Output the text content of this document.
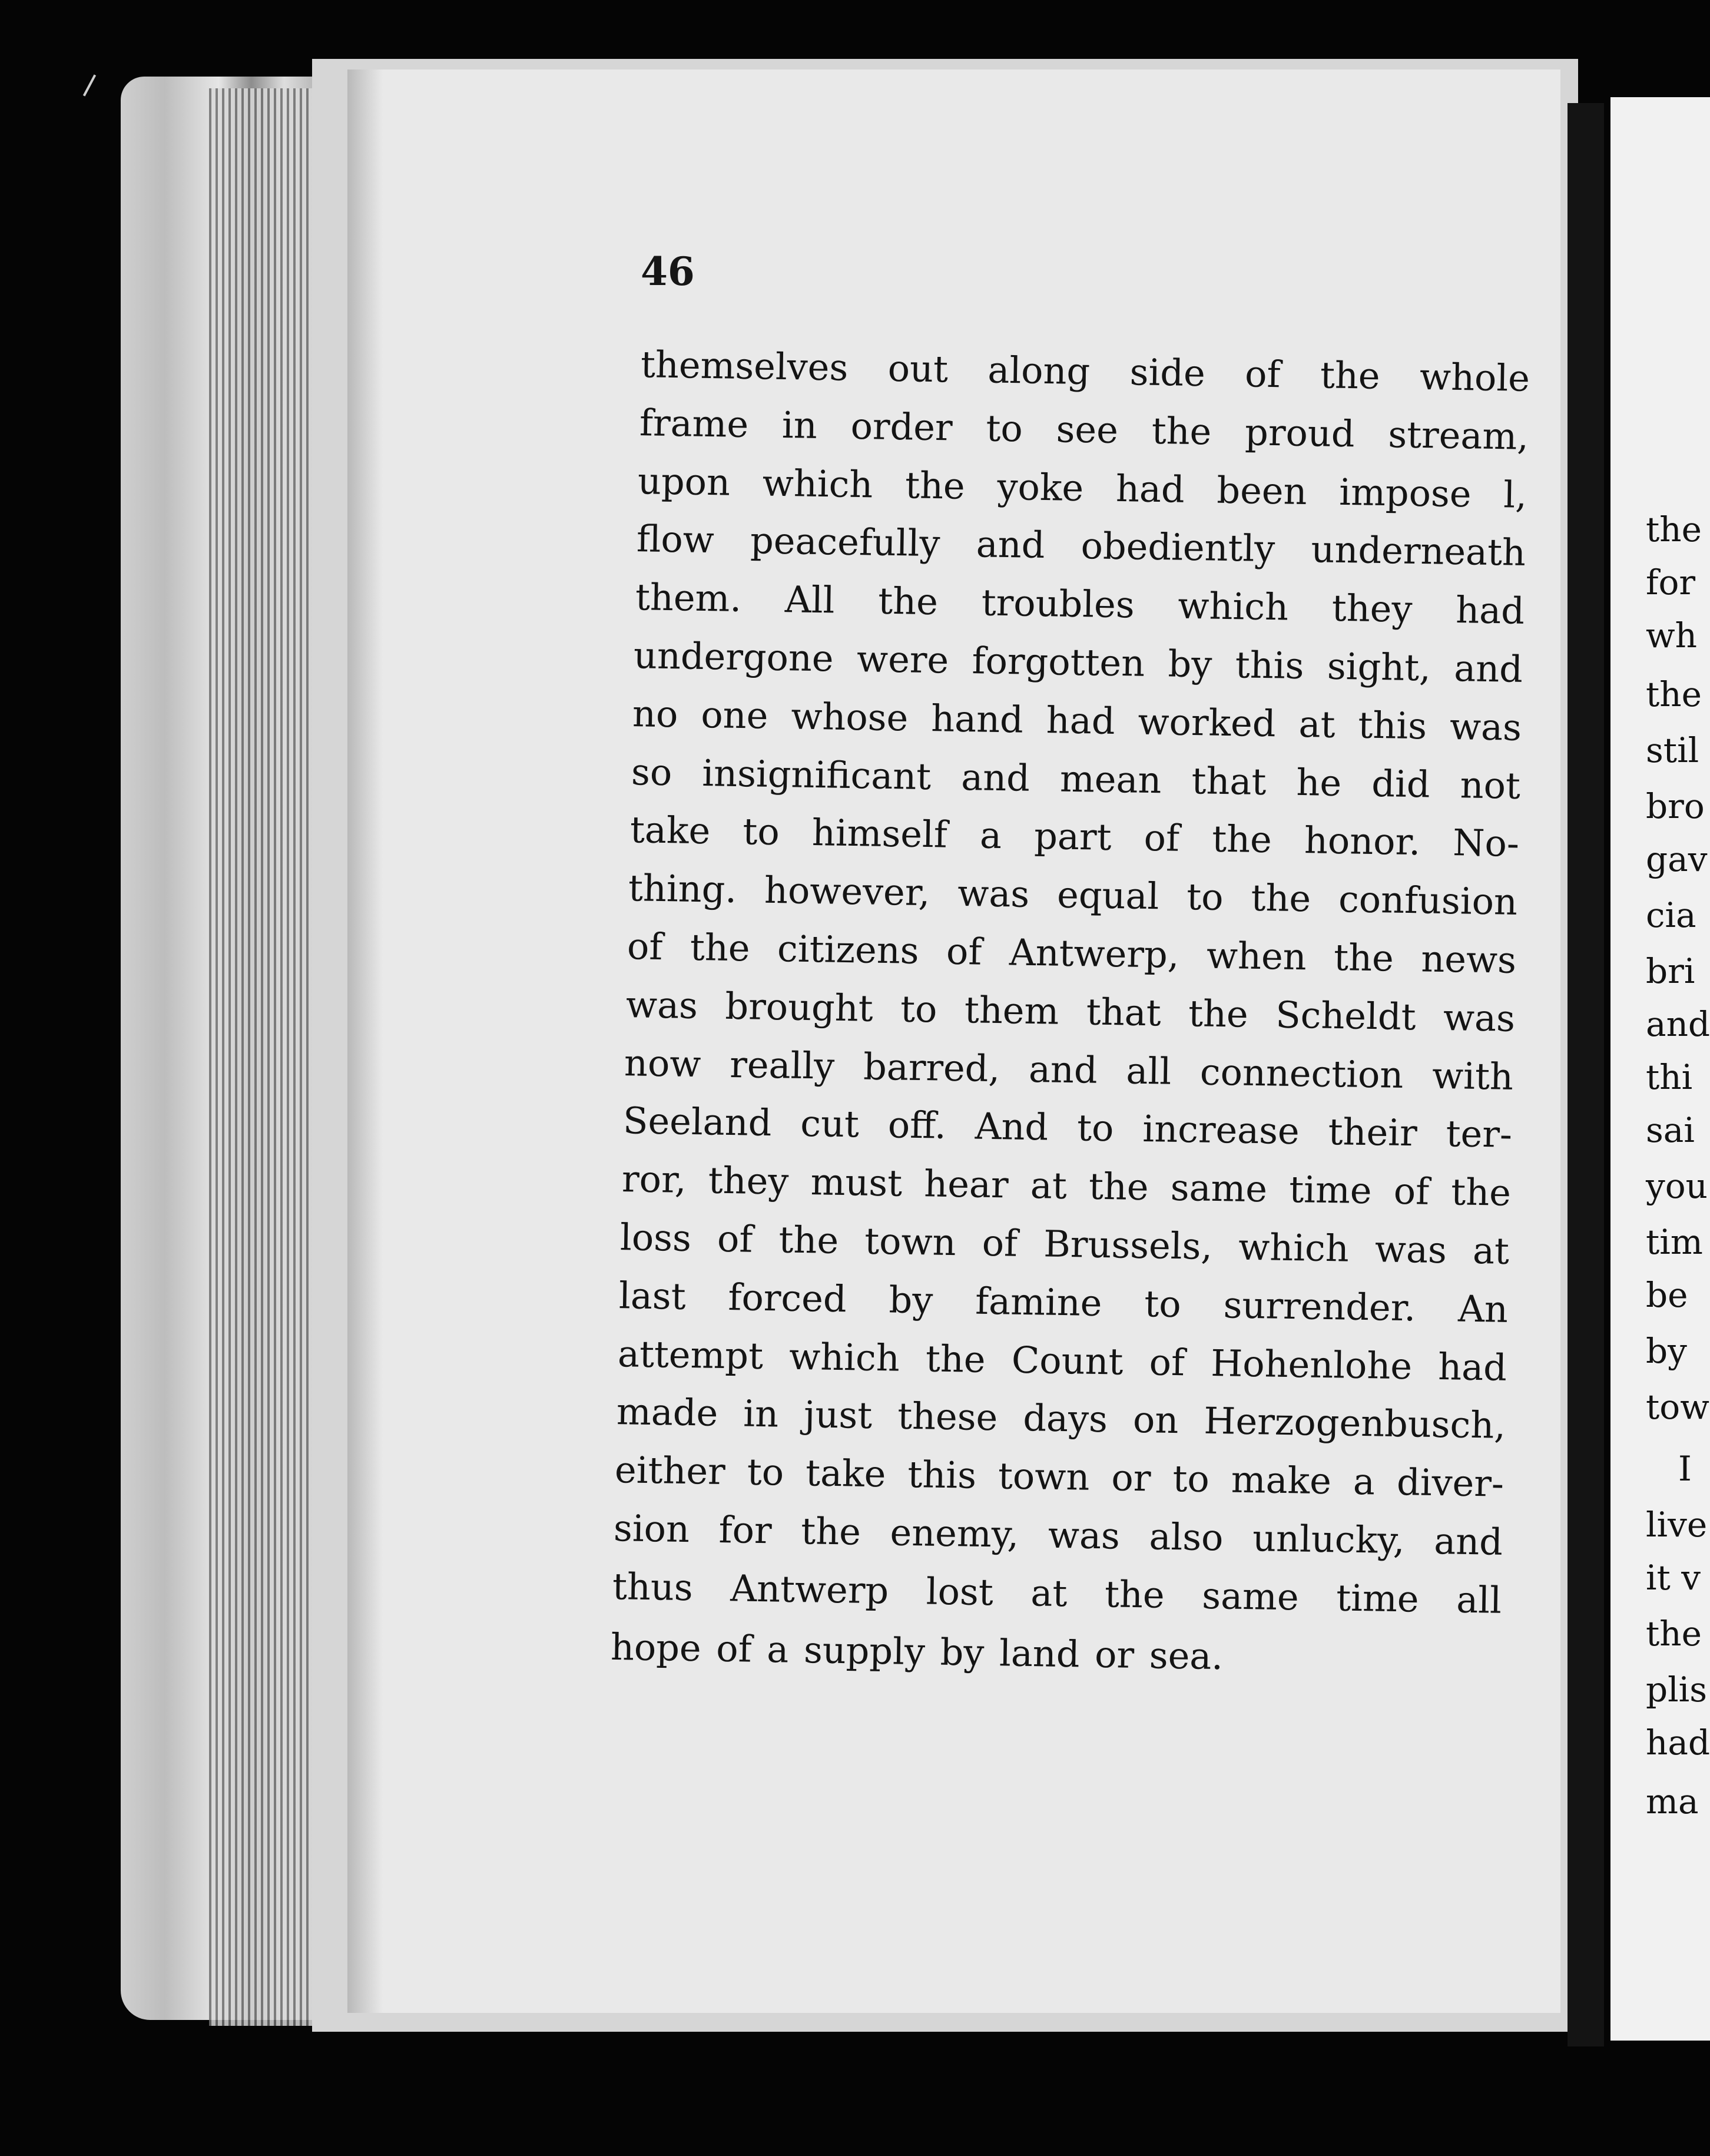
46
themselves out along side of the whole
frame in order to see the proud stream,
upon which the yoke had been impose l,
flow peacefully and obediently underneath
them. All the troubles which they had
undergone were forgotten by this sight, and
no one whose hand had worked at this was
so insignificant and mean that he did not
take to himself a part of the honor. No-
thing. however, was equal to the confusion
of the citizens of Antwerp, when the news
was brought to them that the Scheldt was
now really barred, and all connection with
Seeland cut off. And to increase their ter-
ror, they must hear at the same time of the
loss of the town of Brussels, which was at
last forced by famine to surrender. An
attempt which the Count of Hohenlohe had
made in just these days on Herzogenbusch,
either to take this town or to make a diver-
sion for the enemy, was also unlucky, and
thus Antwerp lost at the same time all
hope of a supply by land or sea.
the
for
wh
the
stil
bro
gav
cia
bri
and
thi
sai
you
tim
be
by
tow
I
live
it v
the
plis
had
ma
